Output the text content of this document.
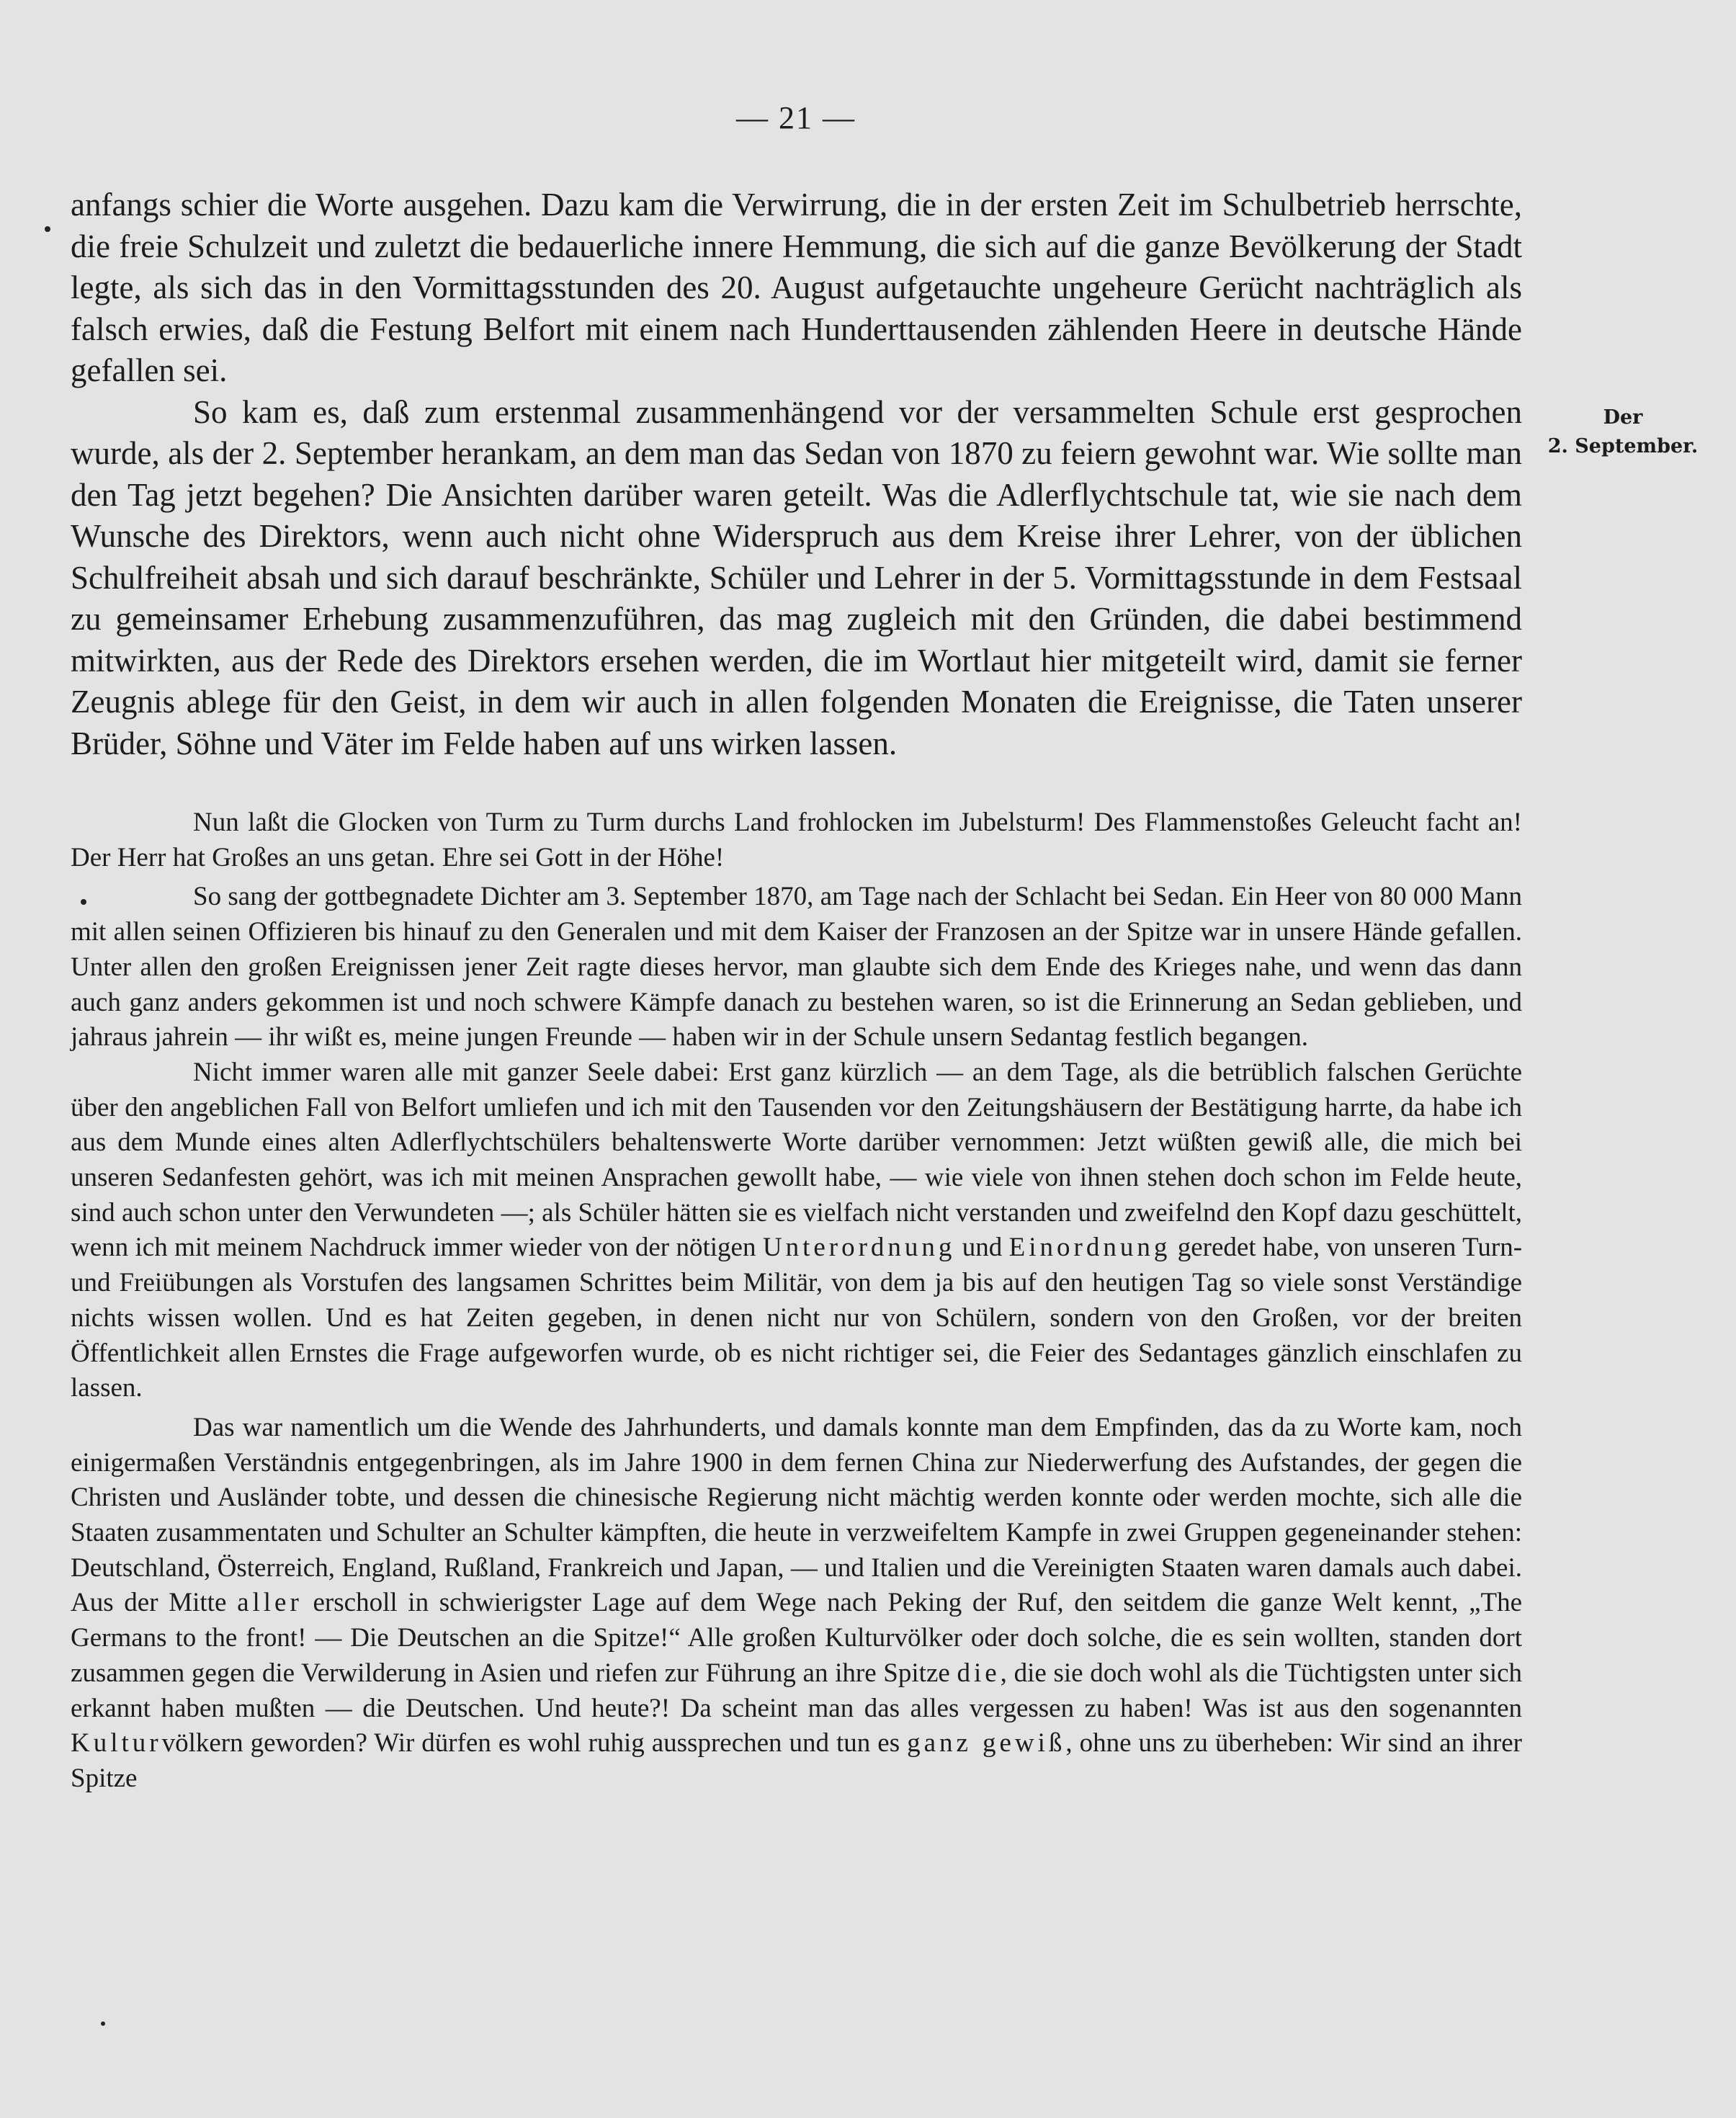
— 21 —
Der
2. September.

anfangs schier die Worte ausgehen. Dazu kam die Verwirrung, die in der ersten Zeit im Schulbetrieb herrschte, die freie Schulzeit und zuletzt die bedauerliche innere Hemmung, die sich auf die ganze Bevölkerung der Stadt legte, als sich das in den Vormittagsstunden des 20. August aufgetauchte ungeheure Gerücht nachträglich als falsch erwies, daß die Festung Belfort mit einem nach Hunderttausenden zählenden Heere in deutsche Hände gefallen sei.

So kam es, daß zum erstenmal zusammenhängend vor der versammelten Schule erst gesprochen wurde, als der 2. September herankam, an dem man das Sedan von 1870 zu feiern gewohnt war. Wie sollte man den Tag jetzt begehen? Die Ansichten darüber waren geteilt. Was die Adlerflychtschule tat, wie sie nach dem Wunsche des Direktors, wenn auch nicht ohne Widerspruch aus dem Kreise ihrer Lehrer, von der üblichen Schulfreiheit absah und sich darauf beschränkte, Schüler und Lehrer in der 5. Vormittagsstunde in dem Festsaal zu gemeinsamer Erhebung zusammenzuführen, das mag zugleich mit den Gründen, die dabei bestimmend mitwirkten, aus der Rede des Direktors ersehen werden, die im Wortlaut hier mitgeteilt wird, damit sie ferner Zeugnis ablege für den Geist, in dem wir auch in allen folgenden Monaten die Ereignisse, die Taten unserer Brüder, Söhne und Väter im Felde haben auf uns wirken lassen.

Nun laßt die Glocken von Turm zu Turm durchs Land frohlocken im Jubelsturm! Des Flammenstoßes Geleucht facht an! Der Herr hat Großes an uns getan. Ehre sei Gott in der Höhe!

So sang der gottbegnadete Dichter am 3. September 1870, am Tage nach der Schlacht bei Sedan. Ein Heer von 80 000 Mann mit allen seinen Offizieren bis hinauf zu den Generalen und mit dem Kaiser der Franzosen an der Spitze war in unsere Hände gefallen. Unter allen den großen Ereignissen jener Zeit ragte dieses hervor, man glaubte sich dem Ende des Krieges nahe, und wenn das dann auch ganz anders gekommen ist und noch schwere Kämpfe danach zu bestehen waren, so ist die Erinnerung an Sedan geblieben, und jahraus jahrein — ihr wißt es, meine jungen Freunde — haben wir in der Schule unsern Sedantag festlich begangen.

Nicht immer waren alle mit ganzer Seele dabei: Erst ganz kürzlich — an dem Tage, als die betrüblich falschen Gerüchte über den angeblichen Fall von Belfort umliefen und ich mit den Tausenden vor den Zeitungshäusern der Bestätigung harrte, da habe ich aus dem Munde eines alten Adlerflychtschülers behaltenswerte Worte darüber vernommen: Jetzt wüßten gewiß alle, die mich bei unseren Sedanfesten gehört, was ich mit meinen Ansprachen gewollt habe, — wie viele von ihnen stehen doch schon im Felde heute, sind auch schon unter den Verwundeten —; als Schüler hätten sie es vielfach nicht verstanden und zweifelnd den Kopf dazu geschüttelt, wenn ich mit meinem Nachdruck immer wieder von der nötigen Unterordnung und Einordnung geredet habe, von unseren Turn- und Freiübungen als Vorstufen des langsamen Schrittes beim Militär, von dem ja bis auf den heutigen Tag so viele sonst Verständige nichts wissen wollen. Und es hat Zeiten gegeben, in denen nicht nur von Schülern, sondern von den Großen, vor der breiten Öffentlichkeit allen Ernstes die Frage aufgeworfen wurde, ob es nicht richtiger sei, die Feier des Sedantages gänzlich einschlafen zu lassen.

Das war namentlich um die Wende des Jahrhunderts, und damals konnte man dem Empfinden, das da zu Worte kam, noch einigermaßen Verständnis entgegenbringen, als im Jahre 1900 in dem fernen China zur Niederwerfung des Aufstandes, der gegen die Christen und Ausländer tobte, und dessen die chinesische Regierung nicht mächtig werden konnte oder werden mochte, sich alle die Staaten zusammentaten und Schulter an Schulter kämpften, die heute in verzweifeltem Kampfe in zwei Gruppen gegeneinander stehen: Deutschland, Österreich, England, Rußland, Frankreich und Japan, — und Italien und die Vereinigten Staaten waren damals auch dabei. Aus der Mitte aller erscholl in schwierigster Lage auf dem Wege nach Peking der Ruf, den seitdem die ganze Welt kennt, „The Germans to the front! — Die Deutschen an die Spitze!“ Alle großen Kulturvölker oder doch solche, die es sein wollten, standen dort zusammen gegen die Verwilderung in Asien und riefen zur Führung an ihre Spitze die, die sie doch wohl als die Tüchtigsten unter sich erkannt haben mußten — die Deutschen. Und heute?! Da scheint man das alles vergessen zu haben! Was ist aus den sogenannten Kulturvölkern geworden? Wir dürfen es wohl ruhig aussprechen und tun es ganz gewiß, ohne uns zu überheben: Wir sind an ihrer Spitze
